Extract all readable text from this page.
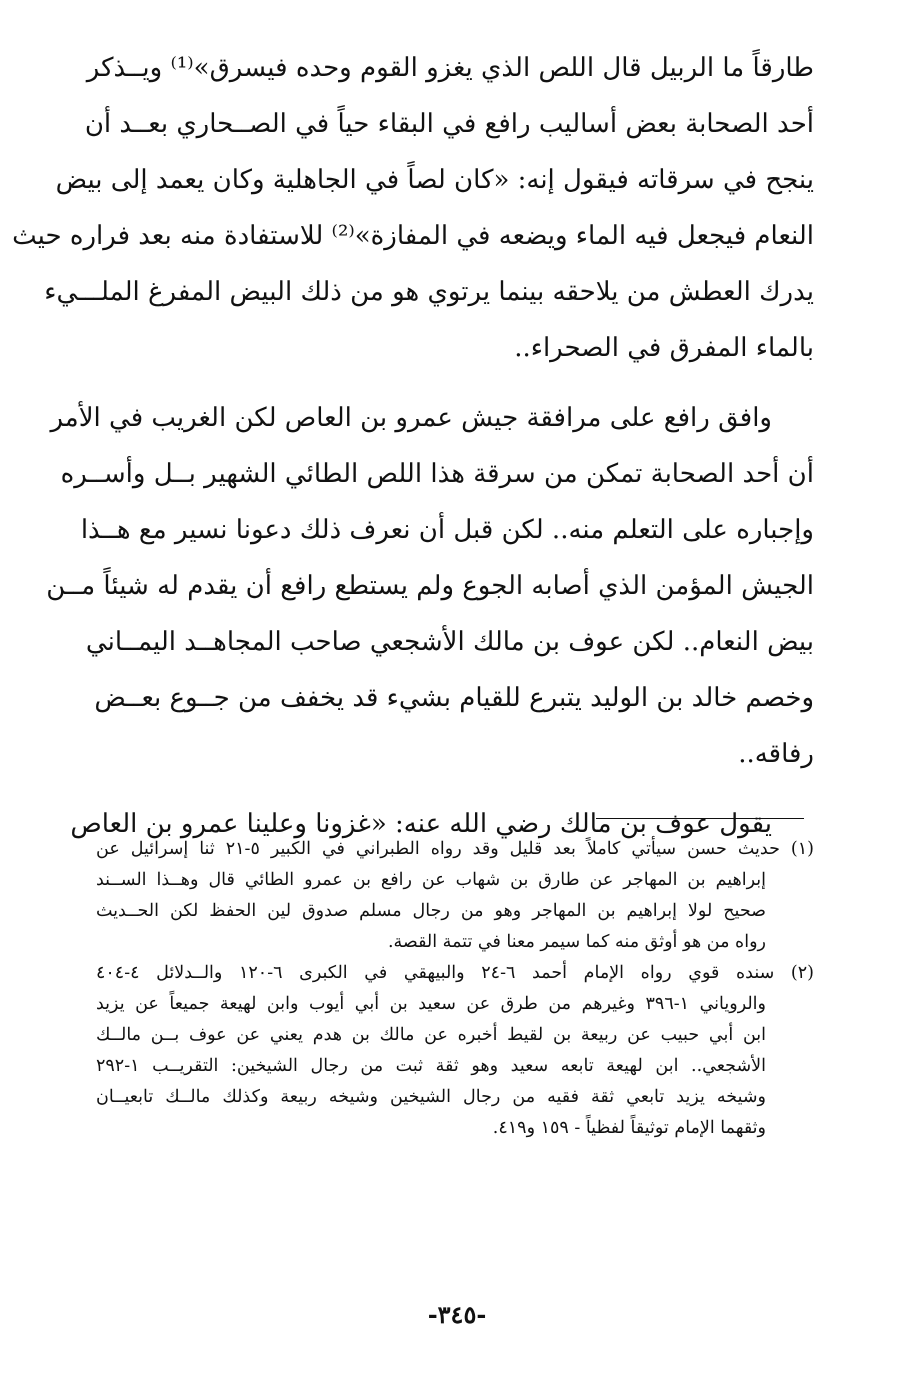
طارقاً ما الربيل قال اللص الذي يغزو القوم وحده فيسرق»⁽¹⁾ ويــذكر
أحد الصحابة بعض أساليب رافع في البقاء حياً في الصــحاري بعــد أن
ينجح في سرقاته فيقول إنه: «كان لصاً في الجاهلية وكان يعمد إلى بيض
النعام فيجعل فيه الماء ويضعه في المفازة»⁽²⁾ للاستفادة منه بعد فراره حيث
يدرك العطش من يلاحقه بينما يرتوي هو من ذلك البيض المفرغ الملـــيء
بالماء المفرق في الصحراء..
وافق رافع على مرافقة جيش عمرو بن العاص لكن الغريب في الأمر
أن أحد الصحابة تمكن من سرقة هذا اللص الطائي الشهير بــل وأســره
وإجباره على التعلم منه.. لكن قبل أن نعرف ذلك دعونا نسير مع هــذا
الجيش المؤمن الذي أصابه الجوع ولم يستطع رافع أن يقدم له شيئاً مــن
بيض النعام.. لكن عوف بن مالك الأشجعي صاحب المجاهــد اليمــاني
وخصم خالد بن الوليد يتبرع للقيام بشيء قد يخفف من جــوع بعــض
رفاقه..
يقول عوف بن مالك رضي الله عنه: «غزونا وعلينا عمرو بن العاص
(١) حديث حسن سيأتي كاملاً بعد قليل وقد رواه الطبراني في الكبير ٥-٢١ ثنا إسرائيل عن
إبراهيم بن المهاجر عن طارق بن شهاب عن رافع بن عمرو الطائي قال وهــذا الســند
صحيح لولا إبراهيم بن المهاجر وهو من رجال مسلم صدوق لين الحفظ لكن الحــديث
رواه من هو أوثق منه كما سيمر معنا في تتمة القصة.
(٢) سنده قوي رواه الإمام أحمد ٦-٢٤ والبيهقي في الكبرى ٦-١٢٠ والــدلائل ٤-٤٠٤
والروياني ١-٣٩٦ وغيرهم من طرق عن سعيد بن أبي أيوب وابن لهيعة جميعاً عن يزيد
ابن أبي حبيب عن ربيعة بن لقيط أخبره عن مالك بن هدم يعني عن عوف بــن مالــك
الأشجعي.. ابن لهيعة تابعه سعيد وهو ثقة ثبت من رجال الشيخين: التقريــب ١-٢٩٢
وشيخه يزيد تابعي ثقة فقيه من رجال الشيخين وشيخه ربيعة وكذلك مالــك تابعيــان
وثقهما الإمام توثيقاً لفظياً - ١٥٩ و٤١٩.
-٣٤٥-
